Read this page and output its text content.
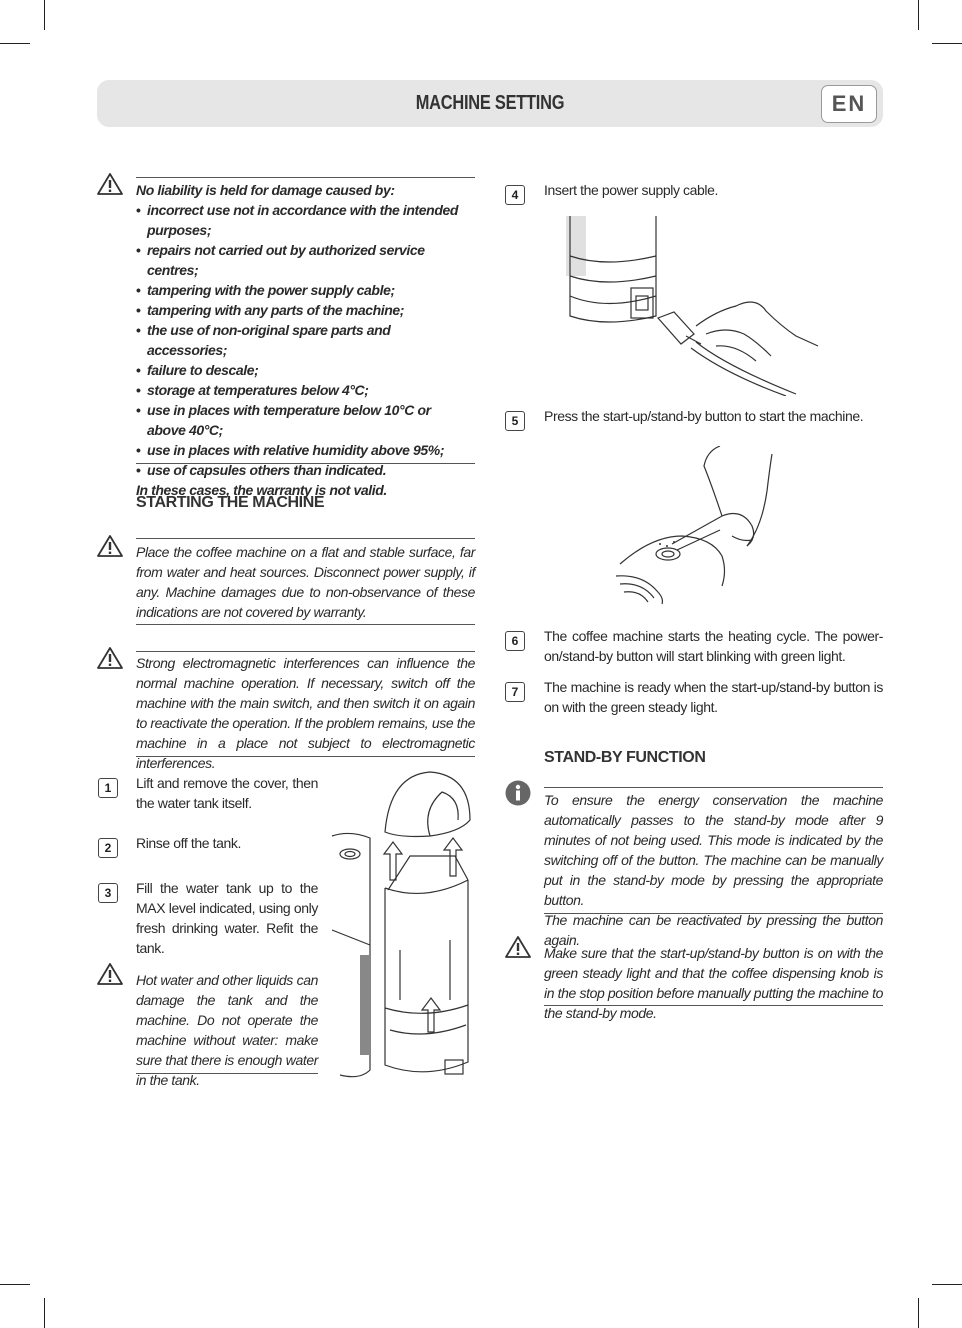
MACHINE SETTING	EN
No liability is held for damage caused by:
• incorrect use not in accordance with the intended purposes;
• repairs not carried out by authorized service centres;
• tampering with the power supply cable;
• tampering with any parts of the machine;
• the use of non-original spare parts and accessories;
• failure to descale;
• storage at temperatures below 4°C;
• use in places with temperature below 10°C or above 40°C;
• use in places with relative humidity above 95%;
• use of capsules others than indicated.
In these cases, the warranty is not valid.
STARTING THE MACHINE
Place the coffee machine on a flat and stable surface, far from water and heat sources. Disconnect power supply, if any. Machine damages due to non-observance of these indications are not covered by warranty.
Strong electromagnetic interferences can influence the normal machine operation. If necessary, switch off the machine with the main switch, and then switch it on again to reactivate the operation. If the problem remains, use the machine in a place not subject to electromagnetic interferences.
1	Lift and remove the cover, then the water tank itself.
2	Rinse off the tank.
3	Fill the water tank up to the MAX level indicated, using only fresh drinking water. Refit the tank.
Hot water and other liquids can damage the tank and the machine. Do not operate the machine without water: make sure that there is enough water in the tank.
4	Insert the power supply cable.
5	Press the start-up/stand-by button to start the machine.
6	The coffee machine starts the heating cycle. The power-on/stand-by button will start blinking with green light.
7	The machine is ready when the start-up/stand-by button is on with the green steady light.
STAND-BY FUNCTION
To ensure the energy conservation the machine automatically passes to the stand-by mode after 9 minutes of not being used. This mode is indicated by the switching off of the button. The machine can be manually put in the stand-by mode by pressing the appropriate button.
The machine can be reactivated by pressing the button again.
Make sure that the start-up/stand-by button is on with the green steady light and that the coffee dispensing knob is in the stop position before manually putting the machine to the stand-by mode.
